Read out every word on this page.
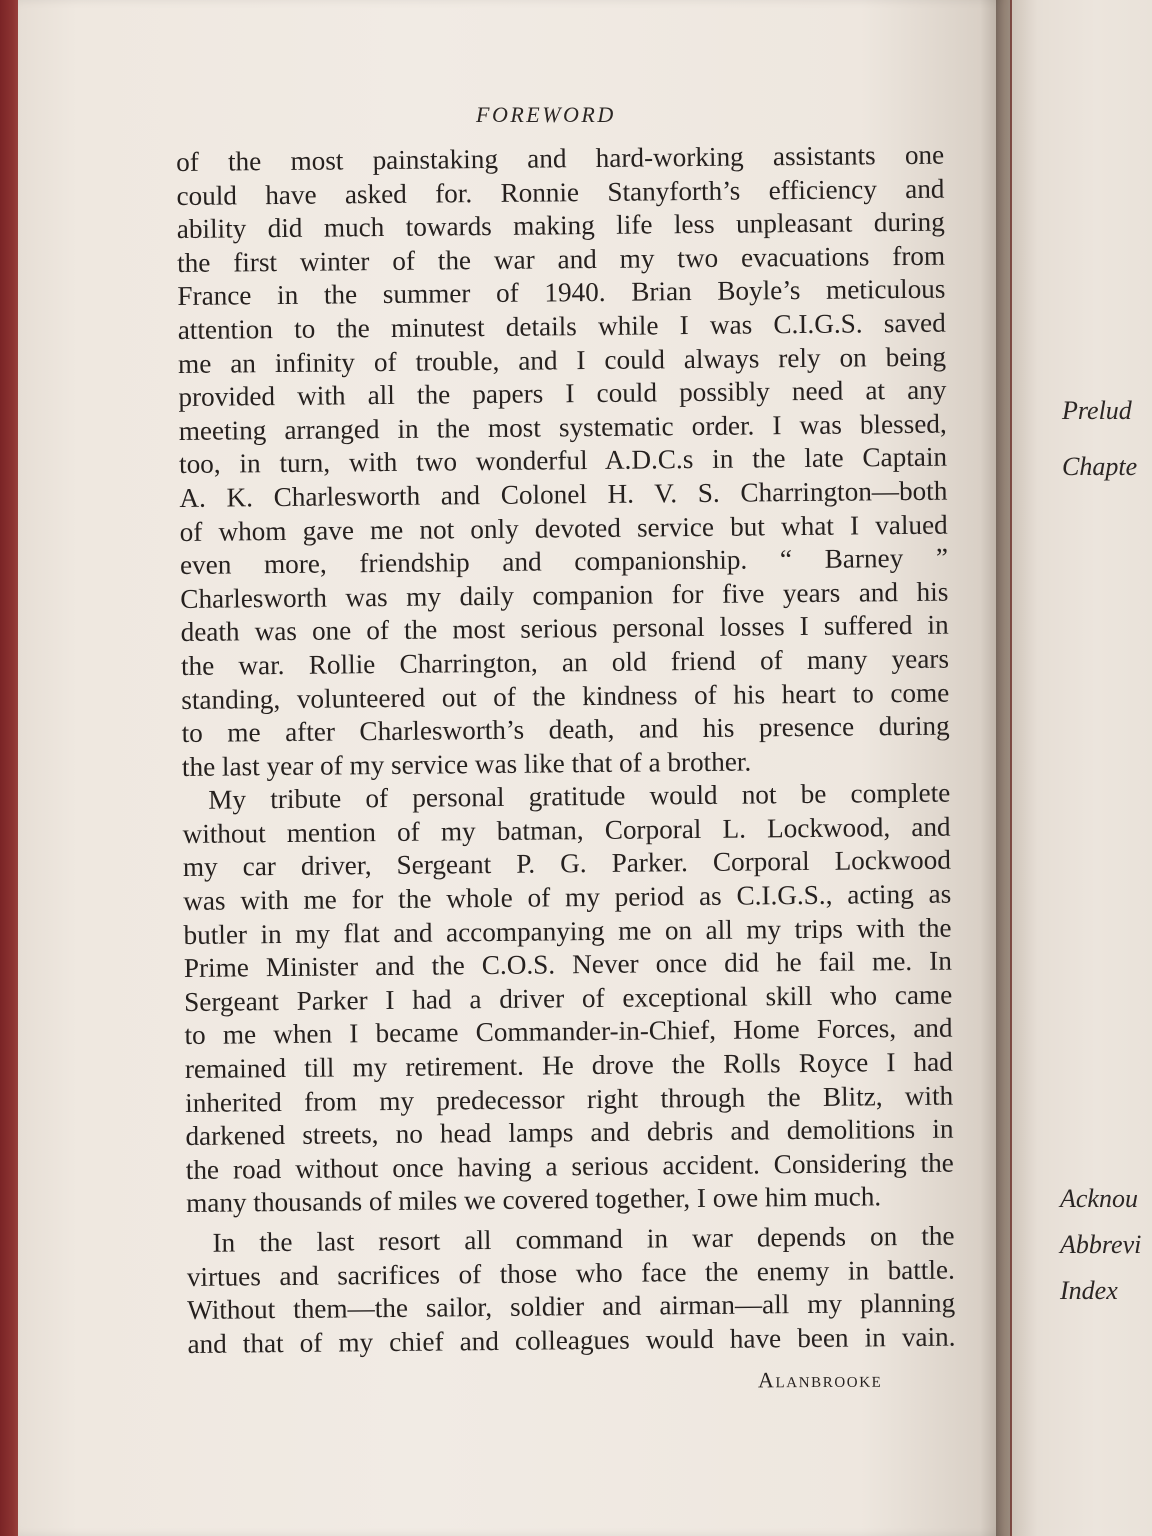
FOREWORD
of the most painstaking and hard-working assistants one
could have asked for. Ronnie Stanyforth’s efficiency and
ability did much towards making life less unpleasant during
the first winter of the war and my two evacuations from
France in the summer of 1940. Brian Boyle’s meticulous
attention to the minutest details while I was C.I.G.S. saved
me an infinity of trouble, and I could always rely on being
provided with all the papers I could possibly need at any
meeting arranged in the most systematic order. I was blessed,
too, in turn, with two wonderful A.D.C.s in the late Captain
A. K. Charlesworth and Colonel H. V. S. Charrington—both
of whom gave me not only devoted service but what I valued
even more, friendship and companionship. “ Barney ”
Charlesworth was my daily companion for five years and his
death was one of the most serious personal losses I suffered in
the war. Rollie Charrington, an old friend of many years
standing, volunteered out of the kindness of his heart to come
to me after Charlesworth’s death, and his presence during
the last year of my service was like that of a brother.
My tribute of personal gratitude would not be complete
without mention of my batman, Corporal L. Lockwood, and
my car driver, Sergeant P. G. Parker. Corporal Lockwood
was with me for the whole of my period as C.I.G.S., acting as
butler in my flat and accompanying me on all my trips with the
Prime Minister and the C.O.S. Never once did he fail me. In
Sergeant Parker I had a driver of exceptional skill who came
to me when I became Commander-in-Chief, Home Forces, and
remained till my retirement. He drove the Rolls Royce I had
inherited from my predecessor right through the Blitz, with
darkened streets, no head lamps and debris and demolitions in
the road without once having a serious accident. Considering the
many thousands of miles we covered together, I owe him much.
In the last resort all command in war depends on the
virtues and sacrifices of those who face the enemy in battle.
Without them—the sailor, soldier and airman—all my planning
and that of my chief and colleagues would have been in vain.
Alanbrooke
Prelud
Chapte
Acknou
Abbrevi
Index
